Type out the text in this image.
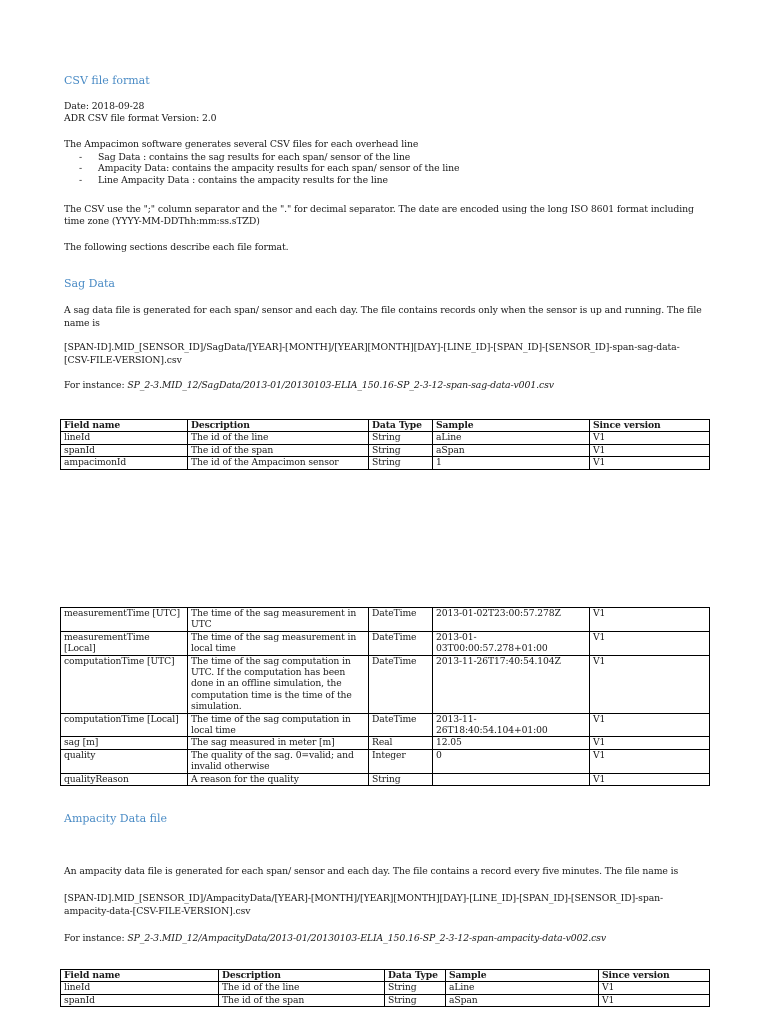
CSV file format
Date: 2018-09-28
ADR CSV file format Version: 2.0
The Ampacimon software generates several CSV files for each overhead line
- Sag Data : contains the sag results for each span/ sensor of the line
- Ampacity Data: contains the ampacity results for each span/ sensor of the line
- Line Ampacity Data : contains the ampacity results for the line
The CSV use the ";" column separator and the "." for decimal separator. The date are encoded using the long ISO 8601 format including
time zone (YYYY-MM-DDThh:mm:ss.sTZD)
The following sections describe each file format.
Sag Data
A sag data file is generated for each span/ sensor and each day. The file contains records only when the sensor is up and running. The file
name is
[SPAN-ID].MID_[SENSOR_ID]/SagData/[YEAR]-[MONTH]/[YEAR][MONTH][DAY]-[LINE_ID]-[SPAN_ID]-[SENSOR_ID]-span-sag-data-
[CSV-FILE-VERSION].csv
For instance: SP_2-3.MID_12/SagData/2013-01/20130103-ELIA_150.16-SP_2-3-12-span-sag-data-v001.csv
Field name	Description	Data Type	Sample	Since version
lineId	The id of the line	String	aLine	V1
spanId	The id of the span	String	aSpan	V1
ampacimonId	The id of the Ampacimon sensor	String	1	V1
measurementTime [UTC]	The time of the sag measurement in UTC	DateTime	2013-01-02T23:00:57.278Z	V1
measurementTime [Local]	The time of the sag measurement in local time	DateTime	2013-01-03T00:00:57.278+01:00	V1
computationTime [UTC]	The time of the sag computation in UTC. If the computation has been done in an offline simulation, the computation time is the time of the simulation.	DateTime	2013-11-26T17:40:54.104Z	V1
computationTime [Local]	The time of the sag computation in local time	DateTime	2013-11-26T18:40:54.104+01:00	V1
sag [m]	The sag measured in meter [m]	Real	12.05	V1
quality	The quality of the sag. 0=valid; and invalid otherwise	Integer	0	V1
qualityReason	A reason for the quality	String		V1
Ampacity Data file
An ampacity data file is generated for each span/ sensor and each day. The file contains a record every five minutes. The file name is
[SPAN-ID].MID_[SENSOR_ID]/AmpacityData/[YEAR]-[MONTH]/[YEAR][MONTH][DAY]-[LINE_ID]-[SPAN_ID]-[SENSOR_ID]-span-
ampacity-data-[CSV-FILE-VERSION].csv
For instance: SP_2-3.MID_12/AmpacityData/2013-01/20130103-ELIA_150.16-SP_2-3-12-span-ampacity-data-v002.csv
Field name	Description	Data Type	Sample	Since version
lineId	The id of the line	String	aLine	V1
spanId	The id of the span	String	aSpan	V1
